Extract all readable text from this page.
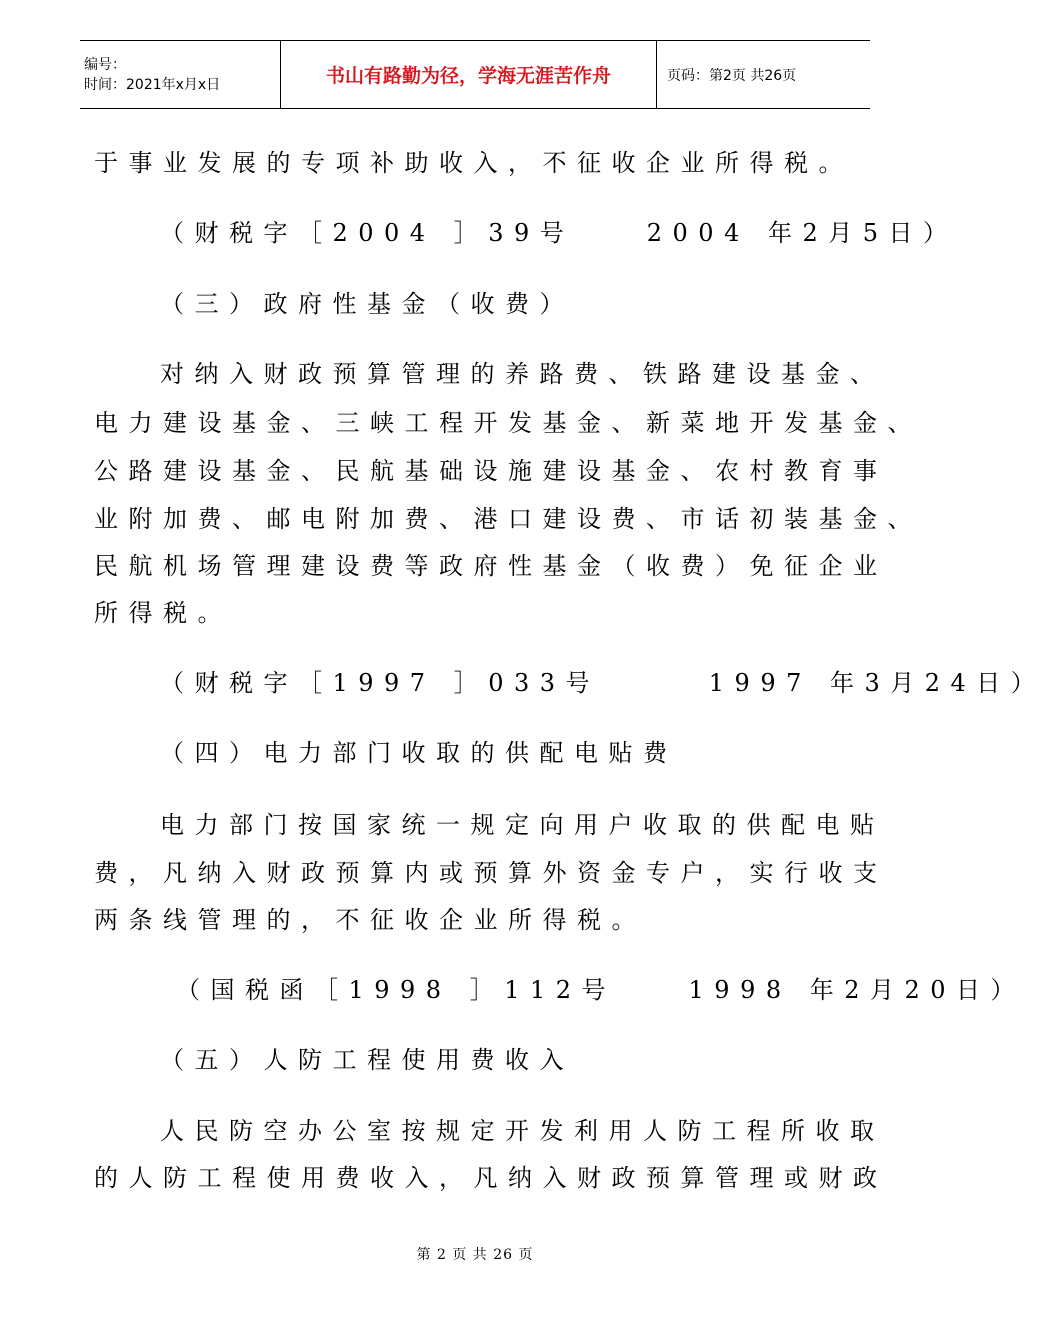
编号：
时间：2021年x月x日	书山有路勤为径，学海无涯苦作舟	页码：第2页 共26页
于事业发展的专项补助收入，不征收企业所得税。
（财税字［2004 ］39号    2004 年2月5日）
（三）政府性基金（收费）
对纳入财政预算管理的养路费、铁路建设基金、
电力建设基金、三峡工程开发基金、新菜地开发基金、
公路建设基金、民航基础设施建设基金、农村教育事
业附加费、邮电附加费、港口建设费、市话初装基金、
民航机场管理建设费等政府性基金（收费）免征企业
所得税。
（财税字［1997 ］033号      1997 年3月24日）
（四）电力部门收取的供配电贴费
电力部门按国家统一规定向用户收取的供配电贴
费，凡纳入财政预算内或预算外资金专户，实行收支
两条线管理的，不征收企业所得税。
（国税函［1998 ］112号    1998 年2月20日）
（五）人防工程使用费收入
人民防空办公室按规定开发利用人防工程所收取
的人防工程使用费收入，凡纳入财政预算管理或财政
第 2 页 共 26 页
